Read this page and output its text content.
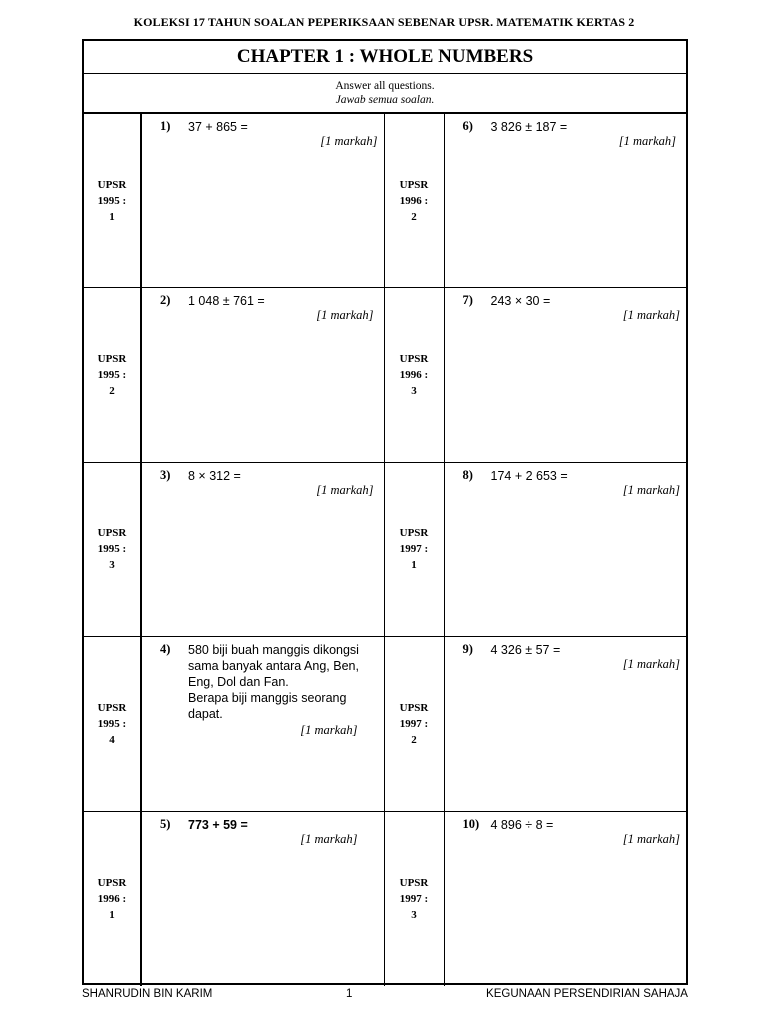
KOLEKSI 17 TAHUN SOALAN PEPERIKSAAN SEBENAR UPSR. MATEMATIK KERTAS 2
CHAPTER 1 : WHOLE NUMBERS
Answer all questions.
Jawab semua soalan.
UPSR
1995 :
1
1) 37 + 865 =
[1 markah]
UPSR
1996 :
2
6) 3 826 ± 187 =
[1 markah]
UPSR
1995 :
2
2) 1 048 ± 761 =
[1 markah]
UPSR
1996 :
3
7) 243 × 30 =
[1 markah]
UPSR
1995 :
3
3) 8 × 312 =
[1 markah]
UPSR
1997 :
1
8) 174 + 2 653 =
[1 markah]
UPSR
1995 :
4
4) 580 biji buah manggis dikongsi
sama banyak antara Ang, Ben,
Eng, Dol dan Fan.
Berapa biji manggis seorang
dapat.
[1 markah]
UPSR
1997 :
2
9) 4 326 ± 57 =
[1 markah]
UPSR
1996 :
1
5) 773 + 59 =
[1 markah]
UPSR
1997 :
3
10) 4 896 ÷ 8 =
[1 markah]
SHANRUDIN BIN KARIM	1	KEGUNAAN PERSENDIRIAN SAHAJA
